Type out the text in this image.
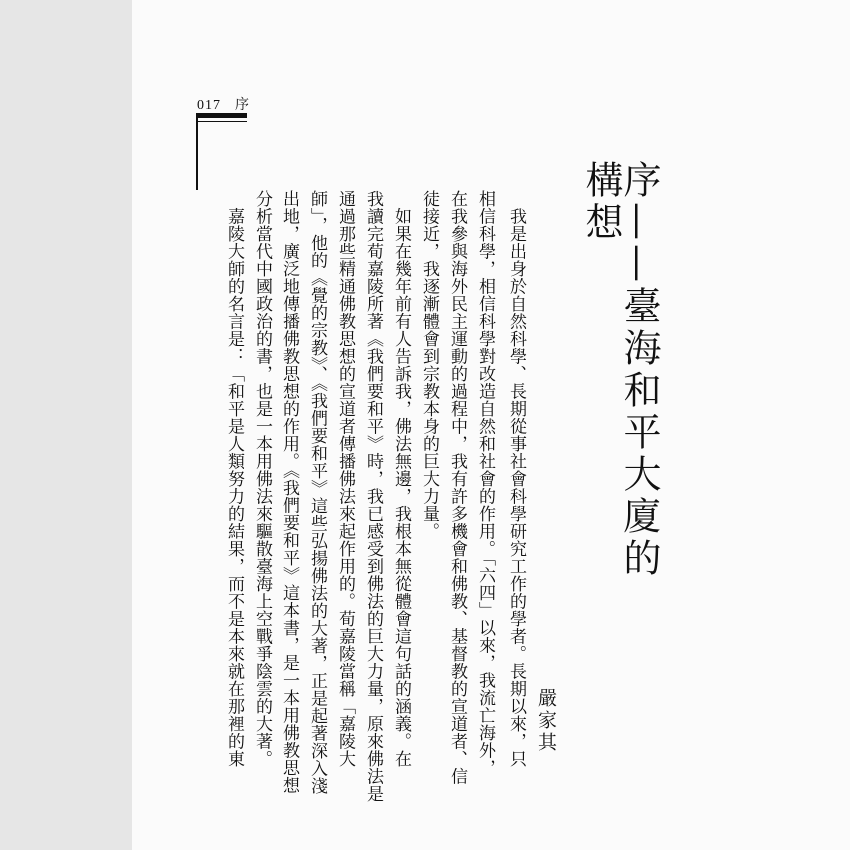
017 序
序——臺海和平大廈的構想
嚴家其
　我是出身於自然科學、長期從事社會科學研究工作的學者。長期以來，只
相信科學，相信科學對改造自然和社會的作用。「六四」以來，我流亡海外，
在我參與海外民主運動的過程中，我有許多機會和佛教、基督教的宣道者、信
徒接近，我逐漸體會到宗教本身的巨大力量。
　如果在幾年前有人告訴我，佛法無邊，我根本無從體會這句話的涵義。在
我讀完荀嘉陵所著《我們要和平》時，我已感受到佛法的巨大力量，原來佛法是
通過那些精通佛教思想的宣道者傳播佛法來起作用的。荀嘉陵當稱「嘉陵大
師」，他的《覺的宗教》、《我們要和平》這些弘揚佛法的大著，正是起著深入淺
出地，廣泛地傳播佛教思想的作用。《我們要和平》這本書，是一本用佛教思想
分析當代中國政治的書，也是一本用佛法來驅散臺海上空戰爭陰雲的大著。
　嘉陵大師的名言是：「和平是人類努力的結果，而不是本來就在那裡的東
